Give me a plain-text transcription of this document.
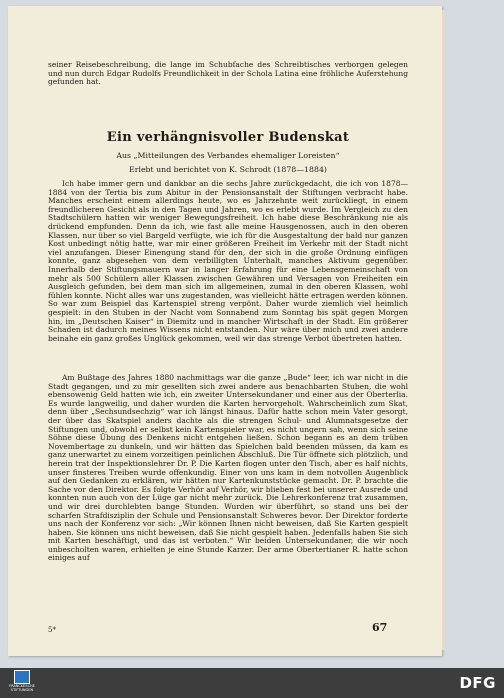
seiner Reisebeschreibung, die lange im Schubfache des Schreibtisches verborgen gelegen und nun durch Edgar Rudolfs Freundlichkeit in der Schola Latina eine fröhliche Auferstehung gefunden hat.
Ein verhängnisvoller Budenskat
Aus „Mitteilungen des Verbandes ehemaliger Loreisten“
Erlebt und berichtet von K. Schrodt (1878—1884)

Ich habe immer gern und dankbar an die sechs Jahre zurückgedacht, die ich von 1878—1884 von der Tertia bis zum Abitur in der Pensionsanstalt der Stiftungen verbracht habe. Manches erscheint einem allerdings heute, wo es Jahrzehnte weit zurückliegt, in einem freundlicheren Gesicht als in den Tagen und Jahren, wo es erlebt wurde. Im Vergleich zu den Stadtschülern hatten wir weniger Bewegungsfreiheit. Ich habe diese Beschränkung nie als drückend empfunden. Denn da ich, wie fast alle meine Hausgenossen, auch in den oberen Klassen, nur über so viel Bargeld verfügte, wie ich für die Ausgestaltung der bald nur ganzen Kost unbedingt nötig hatte, war mir einer größeren Freiheit im Verkehr mit der Stadt nicht viel anzufangen. Dieser Einengung stand für den, der sich in die große Ordnung einfügen konnte, ganz abgesehen von dem verbilligten Unterhalt, manches Aktivum gegenüber. Innerhalb der Stiftungsmauern war in langer Erfahrung für eine Lebensgemeinschaft von mehr als 500 Schülern aller Klassen zwischen Gewähren und Versagen von Freiheiten ein Ausgleich gefunden, bei dem man sich im allgemeinen, zumal in den oberen Klassen, wohl fühlen konnte. Nicht alles war uns zugestanden, was vielleicht hätte ertragen werden können. So war zum Beispiel das Kartenspiel streng verpönt. Daher wurde ziemlich viel heimlich gespielt: in den Stuben in der Nacht vom Sonnabend zum Sonntag bis spät gegen Morgen hin, im „Deutschen Kaiser“ in Diemitz und in mancher Wirtschaft in der Stadt. Ein größerer Schaden ist dadurch meines Wissens nicht entstanden. Nur wäre über mich und zwei andere beinahe ein ganz großes Unglück gekommen, weil wir das strenge Verbot übertreten hatten.

Am Bußtage des Jahres 1880 nachmittags war die ganze „Bude“ leer, ich war nicht in die Stadt gegangen, und zu mir gesellten sich zwei andere aus benachbarten Stuben, die wohl ebensowenig Geld hatten wie ich, ein zweiter Untersekundaner und einer aus der Oberterlia. Es wurde langweilig, und daher wurden die Karten hervorgeholt. Wahrscheinlich zum Skat, denn über „Sechsundsechzig“ war ich längst hinaus. Dafür hatte schon mein Vater gesorgt, der über das Skatspiel anders dachte als die strengen Schul- und Alumnatsgesetze der Stiftungen und, obwohl er selbst kein Kartenspieler war, es nicht ungern sah, wenn sich seine Söhne diese Übung des Denkens nicht entgehen ließen. Schon begann es an dem trüben Novembertage zu dunkeln, und wir hätten das Spielchen bald beenden müssen, da kam es ganz unerwartet zu einem vorzeitigen peinlichen Abschluß. Die Tür öffnete sich plötzlich, und herein trat der Inspektionslehrer Dr. P. Die Karten flogen unter den Tisch, aber es half nichts, unser finsteres Treiben wurde offenkundig. Einer von uns kam in dem notvollen Augenblick auf den Gedanken zu erklären, wir hätten nur Kartenkunststücke gemacht. Dr. P. brachte die Sache vor den Direktor. Es folgte Verhör auf Verhör, wir blieben fest bei unserer Ausrede und konnten nun auch von der Lüge gar nicht mehr zurück. Die Lehrerkonferenz trat zusammen, und wir drei durchlebten bange Stunden. Wurden wir überführt, so stand uns bei der scharfen Strafdisziplin der Schule und Pensionsanstalt Schweres bevor. Der Direktor forderte uns nach der Konferenz vor sich: „Wir können Ihnen nicht beweisen, daß Sie Karten gespielt haben. Sie können uns nicht beweisen, daß Sie nicht gespielt haben. Jedenfalls haben Sie sich mit Karten beschäftigt, und das ist verboten.“ Wir beiden Untersekundaner, die wir noch unbescholten waren, erhielten je eine Stunde Karzer. Der arme Obertertianer R. hatte schon einiges auf

5*	67
FRANCKESCHE STIFTUNGEN	DFG
